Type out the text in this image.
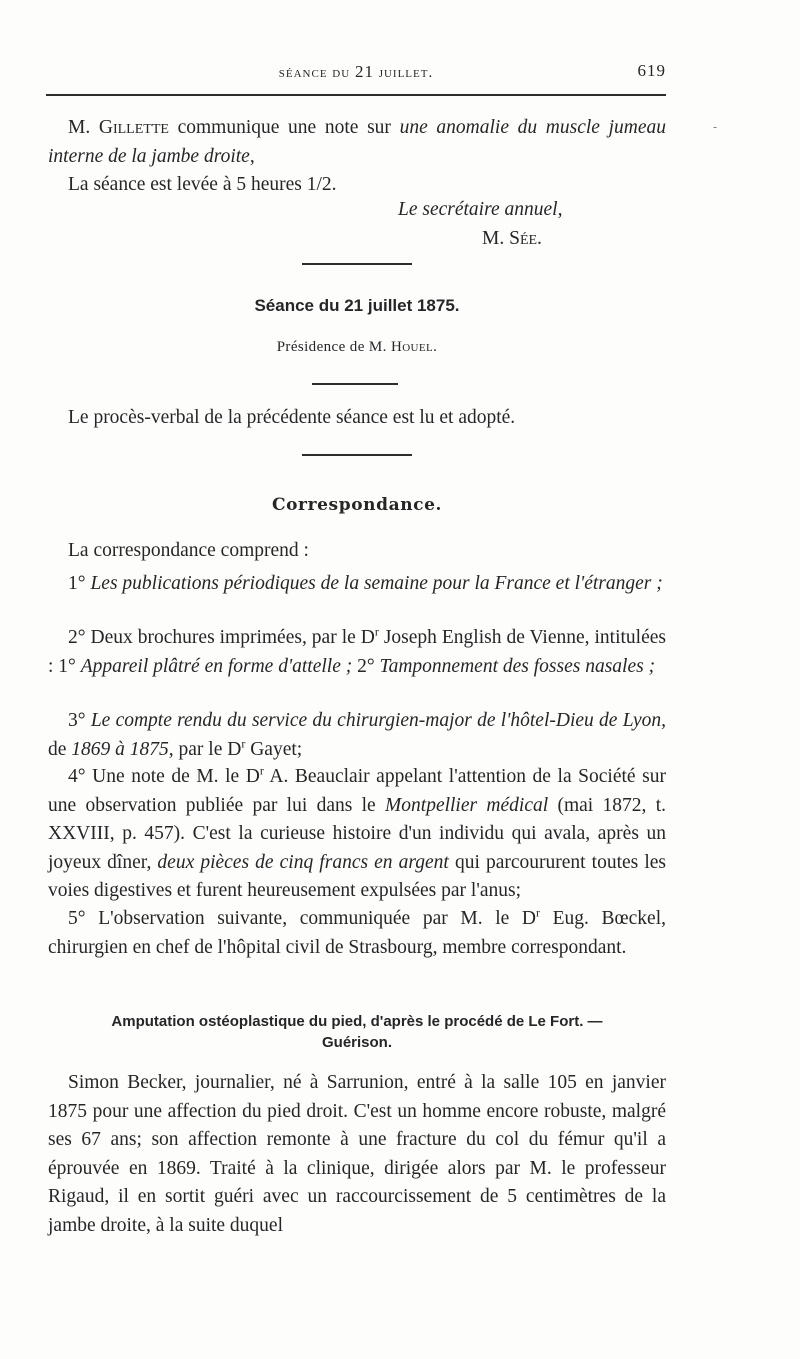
séance du 21 juillet.	619
-
M. Gillette communique une note sur une anomalie du muscle jumeau interne de la jambe droite,
La séance est levée à 5 heures 1/2.
Le secrétaire annuel,
M. Sée.
Séance du 21 juillet 1875.
Présidence de M. Houel.
Le procès-verbal de la précédente séance est lu et adopté.
Correspondance.
La correspondance comprend :
1° Les publications périodiques de la semaine pour la France et l'étranger ;
2° Deux brochures imprimées, par le $D^r$ Joseph English de Vienne, intitulées : 1° Appareil plâtré en forme d'attelle ; 2° Tamponnement des fosses nasales ;
3° Le compte rendu du service du chirurgien-major de l'hôtel-Dieu de Lyon, de 1869 à 1875, par le $D^r$ Gayet;
4° Une note de M. le $D^r$ A. Beauclair appelant l'attention de la Société sur une observation publiée par lui dans le Montpellier médical (mai 1872, t. XXVIII, p. 457). C'est la curieuse histoire d'un individu qui avala, après un joyeux dîner, deux pièces de cinq francs en argent qui parcoururent toutes les voies digestives et furent heureusement expulsées par l'anus;
5° L'observation suivante, communiquée par M. le $D^r$ Eug. Bœckel, chirurgien en chef de l'hôpital civil de Strasbourg, membre correspondant.
Amputation ostéoplastique du pied, d'après le procédé de Le Fort. —
Guérison.
Simon Becker, journalier, né à Sarrunion, entré à la salle 105 en janvier 1875 pour une affection du pied droit. C'est un homme encore robuste, malgré ses 67 ans; son affection remonte à une fracture du col du fémur qu'il a éprouvée en 1869. Traité à la clinique, dirigée alors par M. le professeur Rigaud, il en sortit guéri avec un raccourcissement de 5 centimètres de la jambe droite, à la suite duquel
